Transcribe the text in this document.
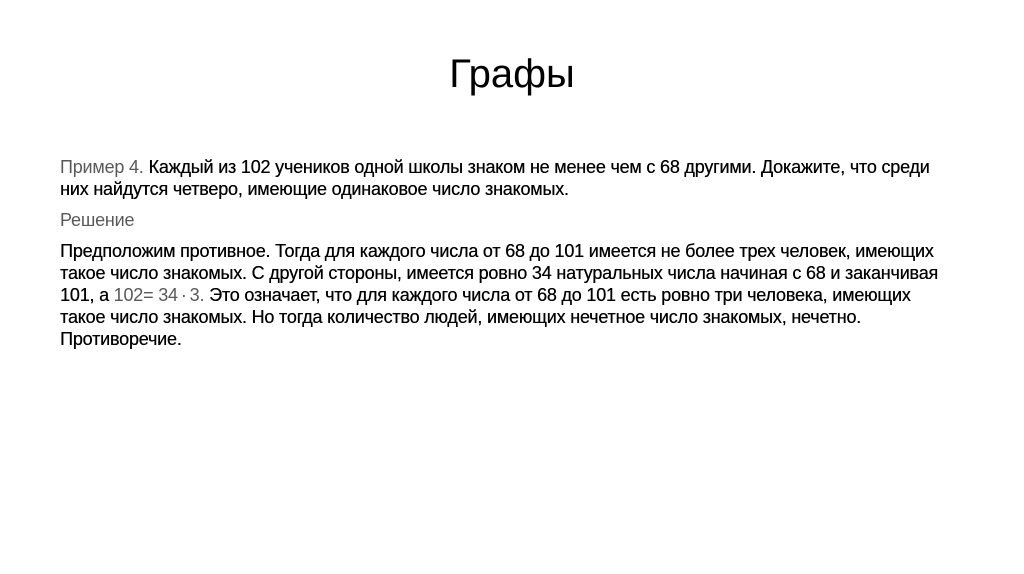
Графы

Пример 4. Каждый из 102 учеников одной школы знаком не менее чем с 68 другими. Докажите, что среди них найдутся четверо, имеющие одинаковое число знакомых.

Решение

Предположим противное. Тогда для каждого числа от 68 до 101 имеется не более трех человек, имеющих такое число знакомых. С другой стороны, имеется ровно 34 натуральных числа начиная с 68 и заканчивая 101, а 102= 34 · 3. Это означает, что для каждого числа от 68 до 101 есть ровно три человека, имеющих такое число знакомых. Но тогда количество людей, имеющих нечетное число знакомых, нечетно. Противоречие.
